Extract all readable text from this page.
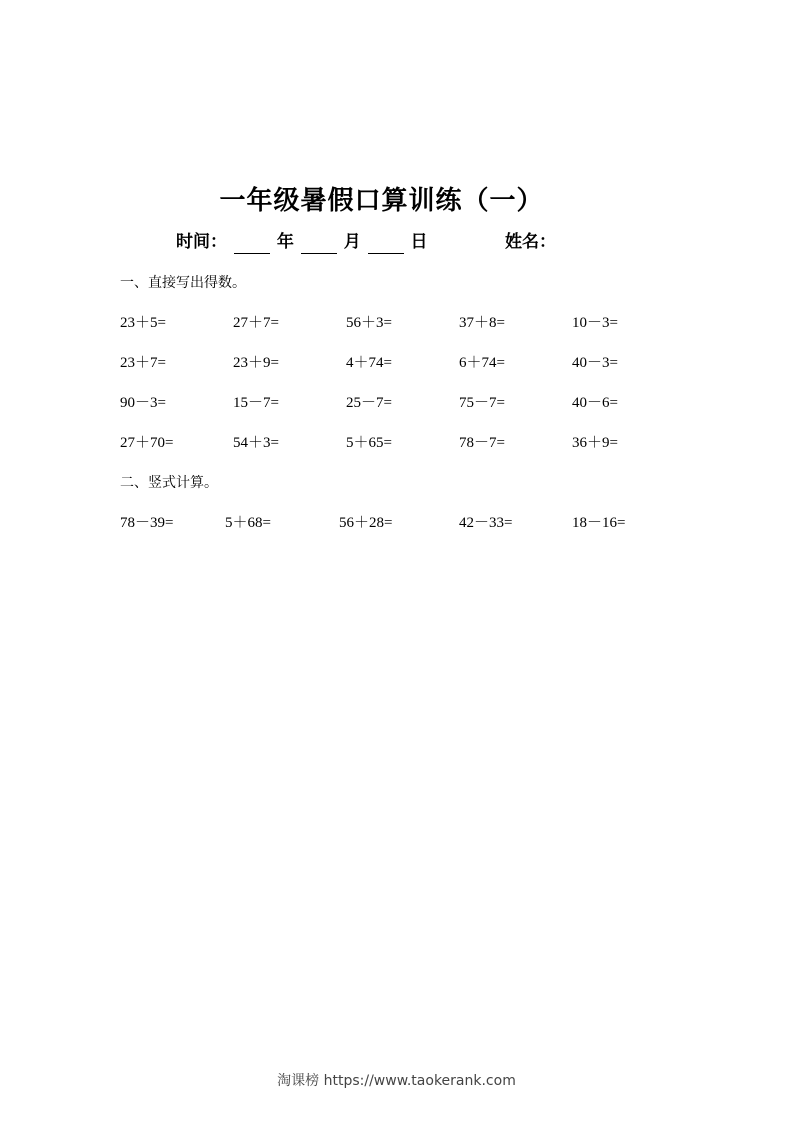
一年级暑假口算训练（一）
时间：	年	月	日	姓名：
一、直接写出得数。
23＋5=	27＋7=	56＋3=	37＋8=	10－3=
23＋7=	23＋9=	4＋74=	6＋74=	40－3=
90－3=	15－7=	25－7=	75－7=	40－6=
27＋70=	54＋3=	5＋65=	78－7=	36＋9=
二、竖式计算。
78－39=	5＋68=	56＋28=	42－33=	18－16=
淘课榜 https://www.taokerank.com
